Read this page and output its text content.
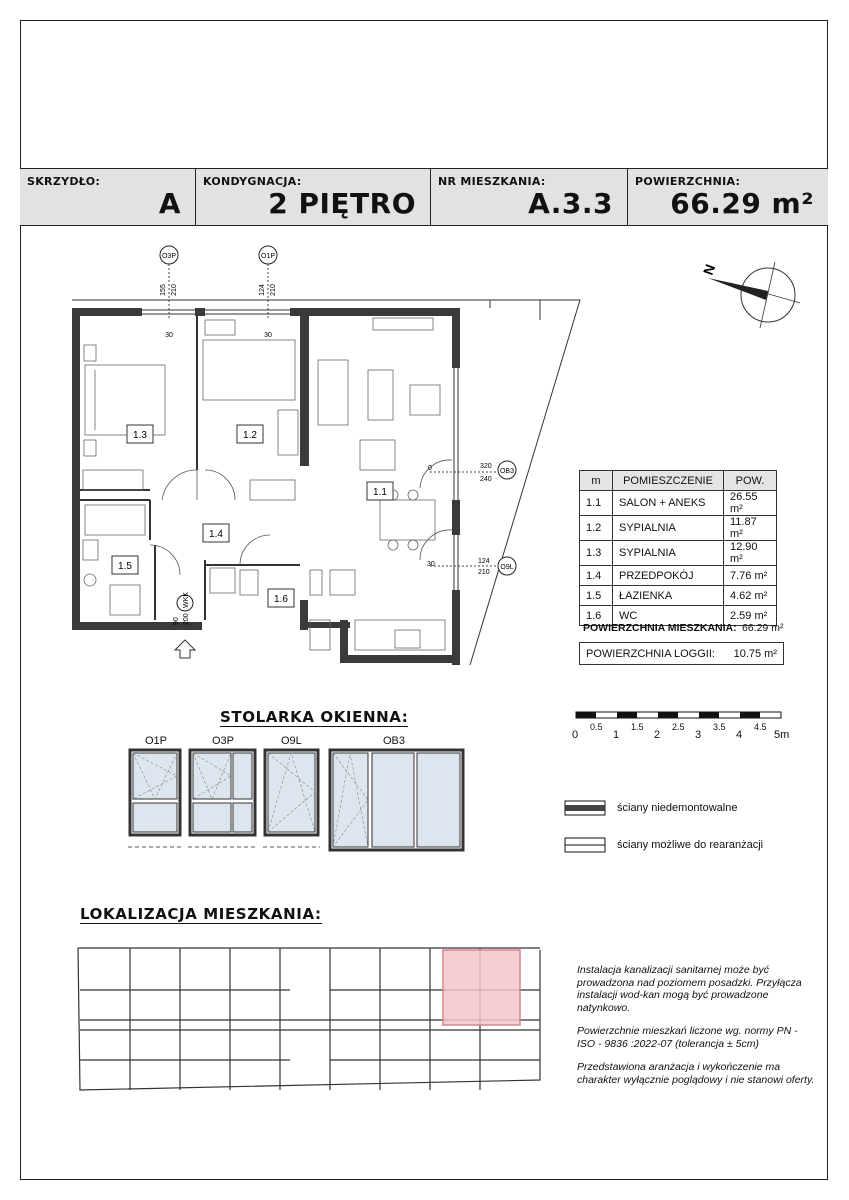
SKRZYDŁO:
A
KONDYGNACJA:
2 PIĘTRO
NR MIESZKANIA:
A.3.3
POWIERZCHNIA:
66.29 m²
N
O3P
155 210
30
O1P
124 210
30
1.3	1.2
1.1
1.4
1.5
1.6
OB3
320
240
0
O9L
124
210
30
WKK
90 200
m	POMIESZCZENIE	POW.
1.1	SALON + ANEKS	26.55 m²
1.2	SYPIALNIA	11.87 m²
1.3	SYPIALNIA	12.90 m²
1.4	PRZEDPOKÓJ	7.76 m²
1.5	ŁAZIENKA	4.62 m²
1.6	WC	2.59 m²
POWIERZCHNIA MIESZKANIA: 66.29 m²
POWIERZCHNIA LOGGII: 10.75 m²
0.5	1.5	2.5	3.5	4.5
0	1	2	3	4	5m
STOLARKA OKIENNA:
O1P	O3P	O9L	OB3
ściany niedemontowalne
ściany możliwe do rearanżacji
LOKALIZACJA MIESZKANIA:

Instalacja kanalizacji sanitarnej może być prowadzona nad poziomem posadzki. Przyłącza instalacji wod-kan mogą być prowadzone natynkowo.

Powierzchnie mieszkań liczone wg. normy PN - ISO - 9836 :2022-07 (tolerancja ± 5cm)

Przedstawiona aranżacja i wykończenie ma charakter wyłącznie poglądowy i nie stanowi oferty.
